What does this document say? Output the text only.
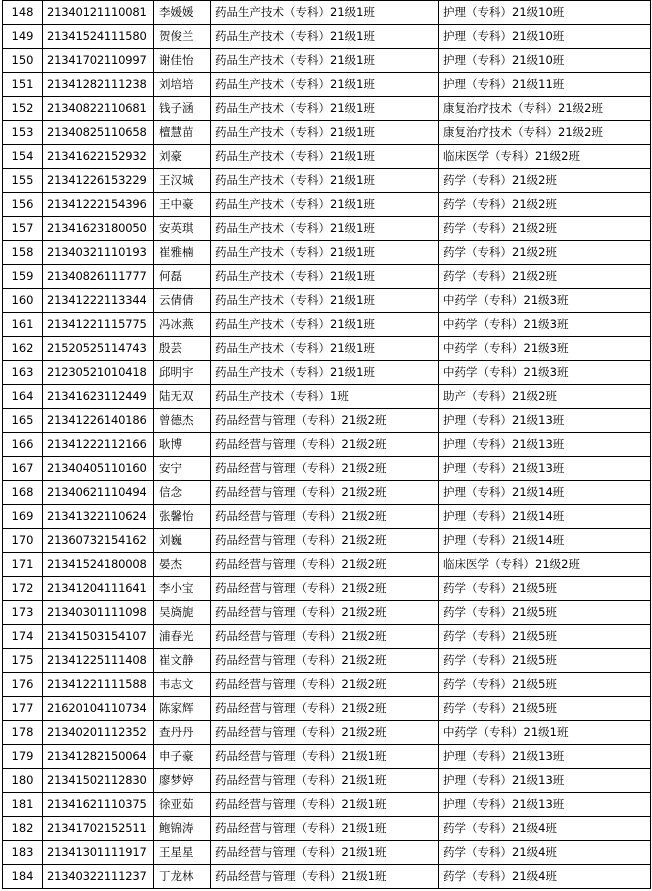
148	21340121110081	李媛媛	药品生产技术（专科）21级1班	护理（专科）21级10班
149	21341524111580	贺俊兰	药品生产技术（专科）21级1班	护理（专科）21级10班
150	21341702110997	谢佳怡	药品生产技术（专科）21级1班	护理（专科）21级10班
151	21341282111238	刘培培	药品生产技术（专科）21级1班	护理（专科）21级11班
152	21340822110681	钱子涵	药品生产技术（专科）21级1班	康复治疗技术（专科）21级2班
153	21340825110658	檀慧苗	药品生产技术（专科）21级1班	康复治疗技术（专科）21级2班
154	21341622152932	刘豪	药品生产技术（专科）21级1班	临床医学（专科）21级2班
155	21341226153229	王汉城	药品生产技术（专科）21级1班	药学（专科）21级2班
156	21341222154396	王中豪	药品生产技术（专科）21级1班	药学（专科）21级2班
157	21341623180050	安英琪	药品生产技术（专科）21级1班	药学（专科）21级2班
158	21340321110193	崔雅楠	药品生产技术（专科）21级1班	药学（专科）21级2班
159	21340826111777	何磊	药品生产技术（专科）21级1班	药学（专科）21级2班
160	21341222113344	云倩倩	药品生产技术（专科）21级1班	中药学（专科）21级3班
161	21341221115775	冯冰燕	药品生产技术（专科）21级1班	中药学（专科）21级3班
162	21520525114743	殷芸	药品生产技术（专科）21级1班	中药学（专科）21级3班
163	21230521010418	邱明宇	药品生产技术（专科）21级1班	中药学（专科）21级3班
164	21341623112449	陆无双	药品生产技术（专科）1班	助产（专科）21级2班
165	21341226140186	曾德杰	药品经营与管理（专科）21级2班	护理（专科）21级13班
166	21341222112166	耿博	药品经营与管理（专科）21级2班	护理（专科）21级13班
167	21340405110160	安宁	药品经营与管理（专科）21级2班	护理（专科）21级13班
168	21340621110494	信念	药品经营与管理（专科）21级2班	护理（专科）21级14班
169	21341322110624	张馨怡	药品经营与管理（专科）21级2班	护理（专科）21级14班
170	21360732154162	刘巍	药品经营与管理（专科）21级2班	护理（专科）21级14班
171	21341524180008	晏杰	药品经营与管理（专科）21级2班	临床医学（专科）21级2班
172	21341204111641	李小宝	药品经营与管理（专科）21级2班	药学（专科）21级5班
173	21340301111098	吴旖旎	药品经营与管理（专科）21级2班	药学（专科）21级5班
174	21341503154107	浦春光	药品经营与管理（专科）21级2班	药学（专科）21级5班
175	21341225111408	崔文静	药品经营与管理（专科）21级2班	药学（专科）21级5班
176	21341221111588	韦志文	药品经营与管理（专科）21级2班	药学（专科）21级5班
177	21620104110734	陈家辉	药品经营与管理（专科）21级2班	药学（专科）21级5班
178	21340201112352	查丹丹	药品经营与管理（专科）21级2班	中药学（专科）21级1班
179	21341282150064	申子豪	药品经营与管理（专科）21级1班	护理（专科）21级13班
180	21341502112830	廖梦婷	药品经营与管理（专科）21级1班	护理（专科）21级13班
181	21341621110375	徐亚茹	药品经营与管理（专科）21级1班	护理（专科）21级13班
182	21341702152511	鲍锦涛	药品经营与管理（专科）21级1班	药学（专科）21级4班
183	21341301111917	王星星	药品经营与管理（专科）21级1班	药学（专科）21级4班
184	21340322111237	丁龙林	药品经营与管理（专科）21级1班	药学（专科）21级4班
